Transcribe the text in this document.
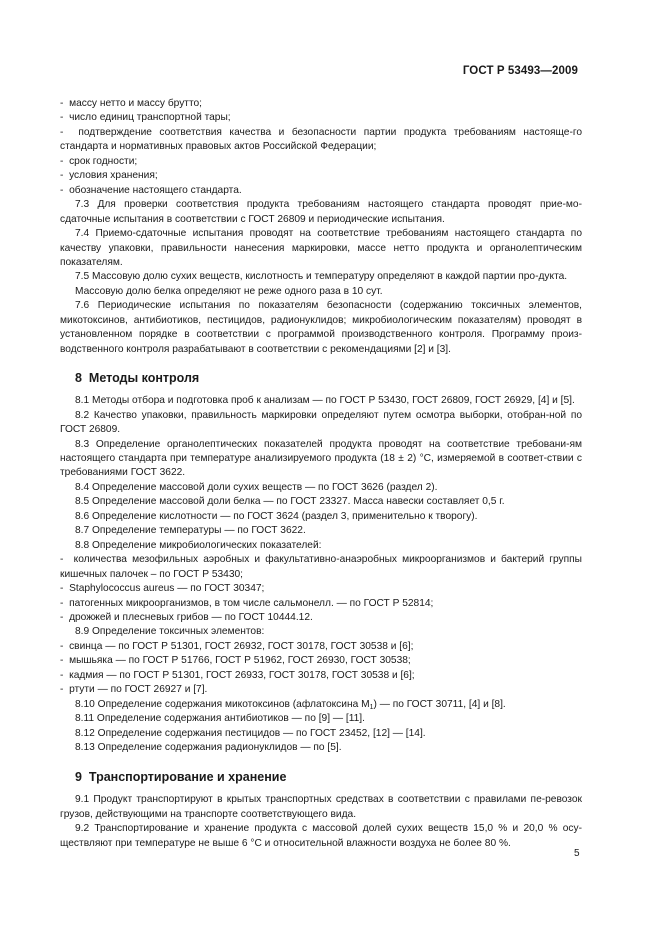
ГОСТ Р 53493—2009

- массу нетто и массу брутто;

- число единиц транспортной тары;

- подтверждение соответствия качества и безопасности партии продукта требованиям настояще-го стандарта и нормативных правовых актов Российской Федерации;

- срок годности;

- условия хранения;

- обозначение настоящего стандарта.

7.3 Для проверки соответствия продукта требованиям настоящего стандарта проводят прие-мо-сдаточные испытания в соответствии с ГОСТ 26809 и периодические испытания.

7.4 Приемо-сдаточные испытания проводят на соответствие требованиям настоящего стандарта по качеству упаковки, правильности нанесения маркировки, массе нетто продукта и органолептическим показателям.

7.5 Массовую долю сухих веществ, кислотность и температуру определяют в каждой партии про-дукта.

Массовую долю белка определяют не реже одного раза в 10 сут.

7.6 Периодические испытания по показателям безопасности (содержанию токсичных элементов, микотоксинов, антибиотиков, пестицидов, радионуклидов; микробиологическим показателям) проводят в установленном порядке в соответствии с программой производственного контроля. Программу произ-водственного контроля разрабатывают в соответствии с рекомендациями [2] и [3].

8 Методы контроля

8.1 Методы отбора и подготовка проб к анализам — по ГОСТ Р 53430, ГОСТ 26809, ГОСТ 26929, [4] и [5].

8.2 Качество упаковки, правильность маркировки определяют путем осмотра выборки, отобран-ной по ГОСТ 26809.

8.3 Определение органолептических показателей продукта проводят на соответствие требовани-ям настоящего стандарта при температуре анализируемого продукта (18 ± 2) °С, измеряемой в соответ-ствии с требованиями ГОСТ 3622.

8.4 Определение массовой доли сухих веществ — по ГОСТ 3626 (раздел 2).

8.5 Определение массовой доли белка — по ГОСТ 23327. Масса навески составляет 0,5 г.

8.6 Определение кислотности — по ГОСТ 3624 (раздел 3, применительно к творогу).

8.7 Определение температуры — по ГОСТ 3622.

8.8 Определение микробиологических показателей:

- количества мезофильных аэробных и факультативно-анаэробных микроорганизмов и бактерий группы кишечных палочек – по ГОСТ Р 53430;

- Staphylococcus aureus — по ГОСТ 30347;

- патогенных микроорганизмов, в том числе сальмонелл. — по ГОСТ Р 52814;

- дрожжей и плесневых грибов — по ГОСТ 10444.12.

8.9 Определение токсичных элементов:

- свинца — по ГОСТ Р 51301, ГОСТ 26932, ГОСТ 30178, ГОСТ 30538 и [6];

- мышьяка — по ГОСТ Р 51766, ГОСТ Р 51962, ГОСТ 26930, ГОСТ 30538;

- кадмия — по ГОСТ Р 51301, ГОСТ 26933, ГОСТ 30178, ГОСТ 30538 и [6];

- ртути — по ГОСТ 26927 и [7].

8.10 Определение содержания микотоксинов (афлатоксина $M_1$) — по ГОСТ 30711, [4] и [8].

8.11 Определение содержания антибиотиков — по [9] — [11].

8.12 Определение содержания пестицидов — по ГОСТ 23452, [12] — [14].

8.13 Определение содержания радионуклидов — по [5].

9 Транспортирование и хранение

9.1 Продукт транспортируют в крытых транспортных средствах в соответствии с правилами пе-ревозок грузов, действующими на транспорте соответствующего вида.

9.2 Транспортирование и хранение продукта с массовой долей сухих веществ 15,0 % и 20,0 % осу-ществляют при температуре не выше 6 °С и относительной влажности воздуха не более 80 %.

5
